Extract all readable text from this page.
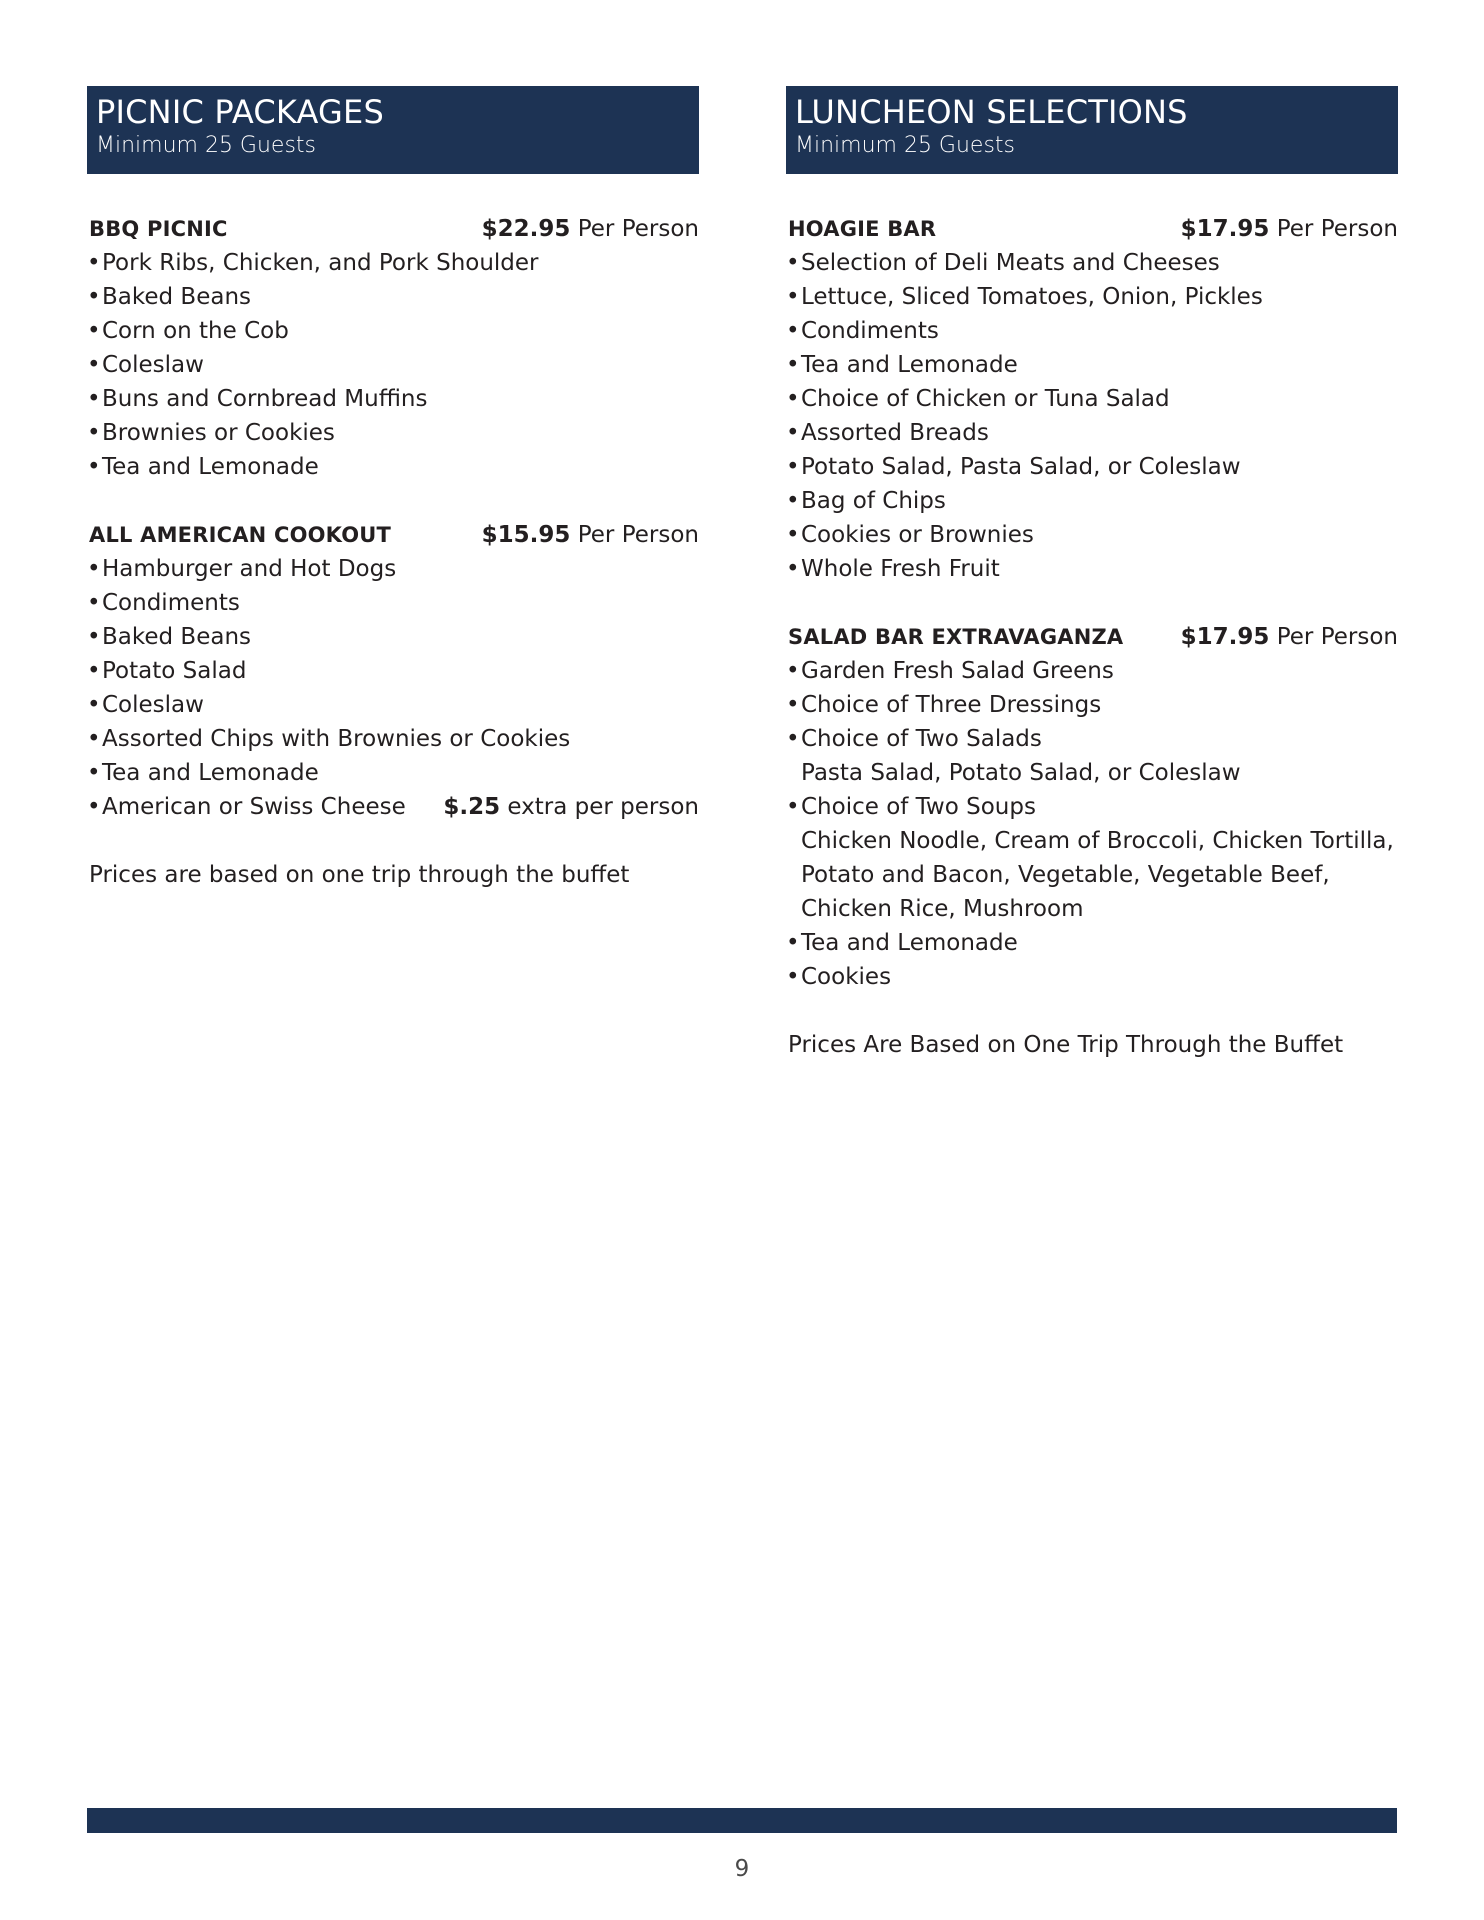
PICNIC PACKAGES
Minimum 25 Guests
BBQ PICNIC	$22.95 Per Person
• Pork Ribs, Chicken, and Pork Shoulder
• Baked Beans
• Corn on the Cob
• Coleslaw
• Buns and Cornbread Muffins
• Brownies or Cookies
• Tea and Lemonade
ALL AMERICAN COOKOUT	$15.95 Per Person
• Hamburger and Hot Dogs
• Condiments
• Baked Beans
• Potato Salad
• Coleslaw
• Assorted Chips with Brownies or Cookies
• Tea and Lemonade
• American or Swiss Cheese $.25 extra per person
Prices are based on one trip through the buffet
LUNCHEON SELECTIONS
Minimum 25 Guests
HOAGIE BAR	$17.95 Per Person
• Selection of Deli Meats and Cheeses
• Lettuce, Sliced Tomatoes, Onion, Pickles
• Condiments
• Tea and Lemonade
• Choice of Chicken or Tuna Salad
• Assorted Breads
• Potato Salad, Pasta Salad, or Coleslaw
• Bag of Chips
• Cookies or Brownies
• Whole Fresh Fruit
SALAD BAR EXTRAVAGANZA $17.95 Per Person
• Garden Fresh Salad Greens
• Choice of Three Dressings
• Choice of Two Salads
Pasta Salad, Potato Salad, or Coleslaw
• Choice of Two Soups
Chicken Noodle, Cream of Broccoli, Chicken Tortilla,
Potato and Bacon, Vegetable, Vegetable Beef,
Chicken Rice, Mushroom
• Tea and Lemonade
• Cookies
Prices Are Based on One Trip Through the Buffet
9
